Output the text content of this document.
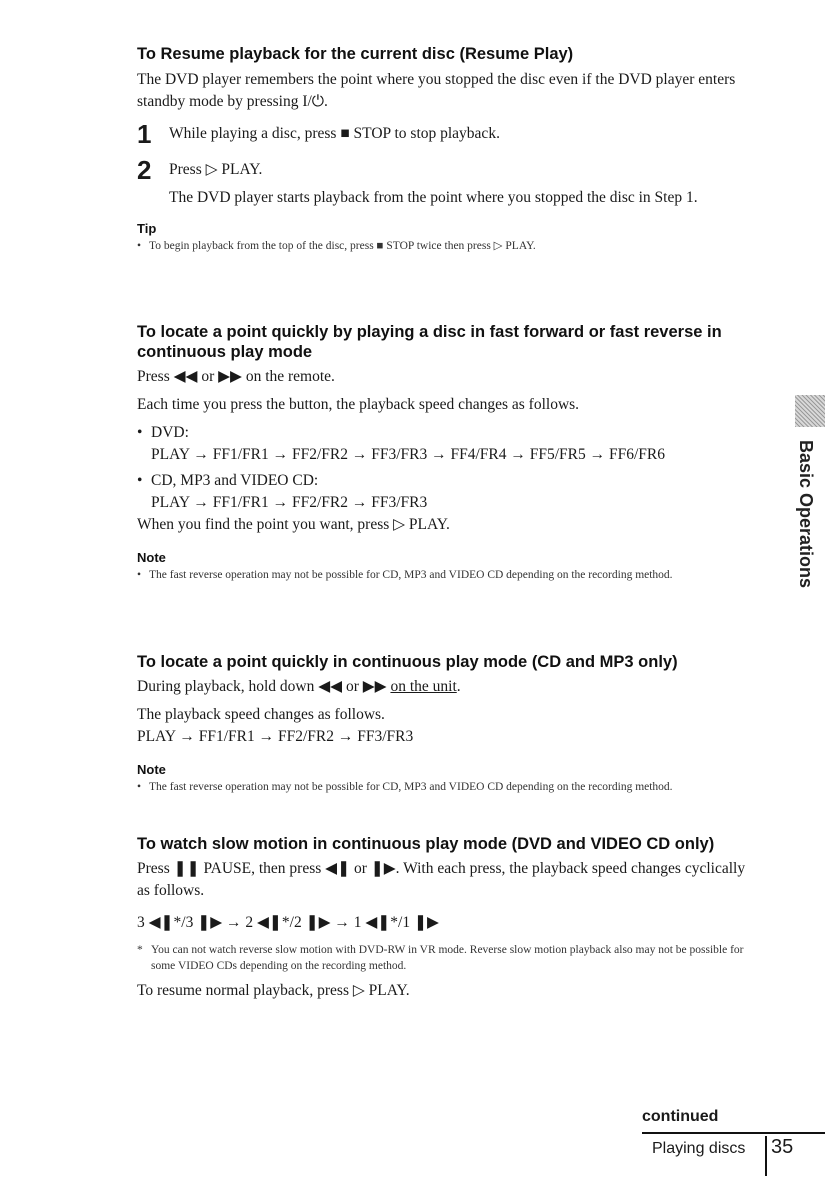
To Resume playback for the current disc (Resume Play)

The DVD player remembers the point where you stopped the disc even if the DVD player enters standby mode by pressing I/⏻.

1 While playing a disc, press ■ STOP to stop playback.

2 Press ▷ PLAY.

The DVD player starts playback from the point where you stopped the disc in Step 1.

Tip
• To begin playback from the top of the disc, press ■ STOP twice then press ▷ PLAY.
To locate a point quickly by playing a disc in fast forward or fast reverse in continuous play mode

Press ◀◀ or ▶▶ on the remote.

Each time you press the button, the playback speed changes as follows.

• DVD:
PLAY → FF1/FR1 → FF2/FR2 → FF3/FR3 → FF4/FR4 → FF5/FR5 → FF6/FR6
• CD, MP3 and VIDEO CD:
PLAY → FF1/FR1 → FF2/FR2 → FF3/FR3

When you find the point you want, press ▷ PLAY.

Note
• The fast reverse operation may not be possible for CD, MP3 and VIDEO CD depending on the recording method.
To locate a point quickly in continuous play mode (CD and MP3 only)

During playback, hold down ◀◀ or ▶▶ on the unit.

The playback speed changes as follows.

PLAY → FF1/FR1 → FF2/FR2 → FF3/FR3

Note
• The fast reverse operation may not be possible for CD, MP3 and VIDEO CD depending on the recording method.
To watch slow motion in continuous play mode (DVD and VIDEO CD only)

Press ❚❚ PAUSE, then press ◀❚ or ❚▶. With each press, the playback speed changes cyclically as follows.

3 ◀❚*/3 ❚▶ → 2 ◀❚*/2 ❚▶ → 1 ◀❚*/1 ❚▶

* You can not watch reverse slow motion with DVD-RW in VR mode. Reverse slow motion playback also may not be possible for some VIDEO CDs depending on the recording method.

To resume normal playback, press ▷ PLAY.

Basic Operations
continued
Playing discs 35
